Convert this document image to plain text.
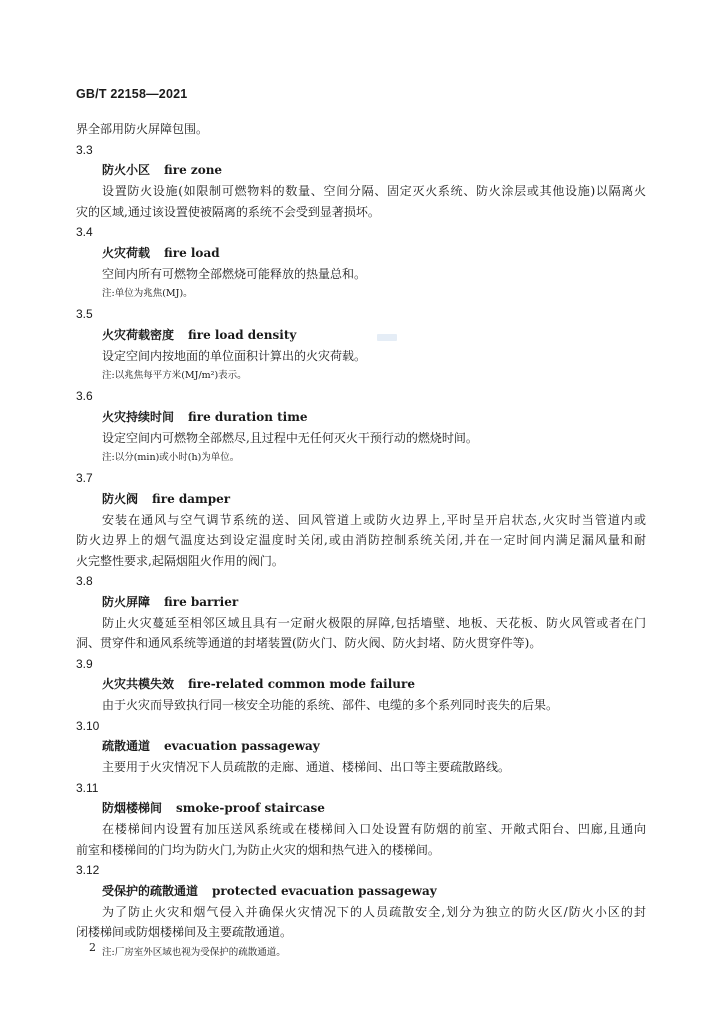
GB/T 22158—2021
界全部用防火屏障包围。
3.3
防火小区 fire zone
设置防火设施(如限制可燃物料的数量、空间分隔、固定灭火系统、防火涂层或其他设施)以隔离火
灾的区域,通过该设置使被隔离的系统不会受到显著损坏。
3.4
火灾荷载 fire load
空间内所有可燃物全部燃烧可能释放的热量总和。
注:单位为兆焦(MJ)。
3.5
火灾荷载密度 fire load density
设定空间内按地面的单位面积计算出的火灾荷载。
注:以兆焦每平方米(MJ/m²)表示。
3.6
火灾持续时间 fire duration time
设定空间内可燃物全部燃尽,且过程中无任何灭火干预行动的燃烧时间。
注:以分(min)或小时(h)为单位。
3.7
防火阀 fire damper
安装在通风与空气调节系统的送、回风管道上或防火边界上,平时呈开启状态,火灾时当管道内或
防火边界上的烟气温度达到设定温度时关闭,或由消防控制系统关闭,并在一定时间内满足漏风量和耐
火完整性要求,起隔烟阻火作用的阀门。
3.8
防火屏障 fire barrier
防止火灾蔓延至相邻区域且具有一定耐火极限的屏障,包括墙壁、地板、天花板、防火风管或者在门
洞、贯穿件和通风系统等通道的封堵装置(防火门、防火阀、防火封堵、防火贯穿件等)。
3.9
火灾共模失效 fire-related common mode failure
由于火灾而导致执行同一核安全功能的系统、部件、电缆的多个系列同时丧失的后果。
3.10
疏散通道 evacuation passageway
主要用于火灾情况下人员疏散的走廊、通道、楼梯间、出口等主要疏散路线。
3.11
防烟楼梯间 smoke-proof staircase
在楼梯间内设置有加压送风系统或在楼梯间入口处设置有防烟的前室、开敞式阳台、凹廊,且通向
前室和楼梯间的门均为防火门,为防止火灾的烟和热气进入的楼梯间。
3.12
受保护的疏散通道 protected evacuation passageway
为了防止火灾和烟气侵入并确保火灾情况下的人员疏散安全,划分为独立的防火区/防火小区的封
闭楼梯间或防烟楼梯间及主要疏散通道。
注:厂房室外区域也视为受保护的疏散通道。
2
